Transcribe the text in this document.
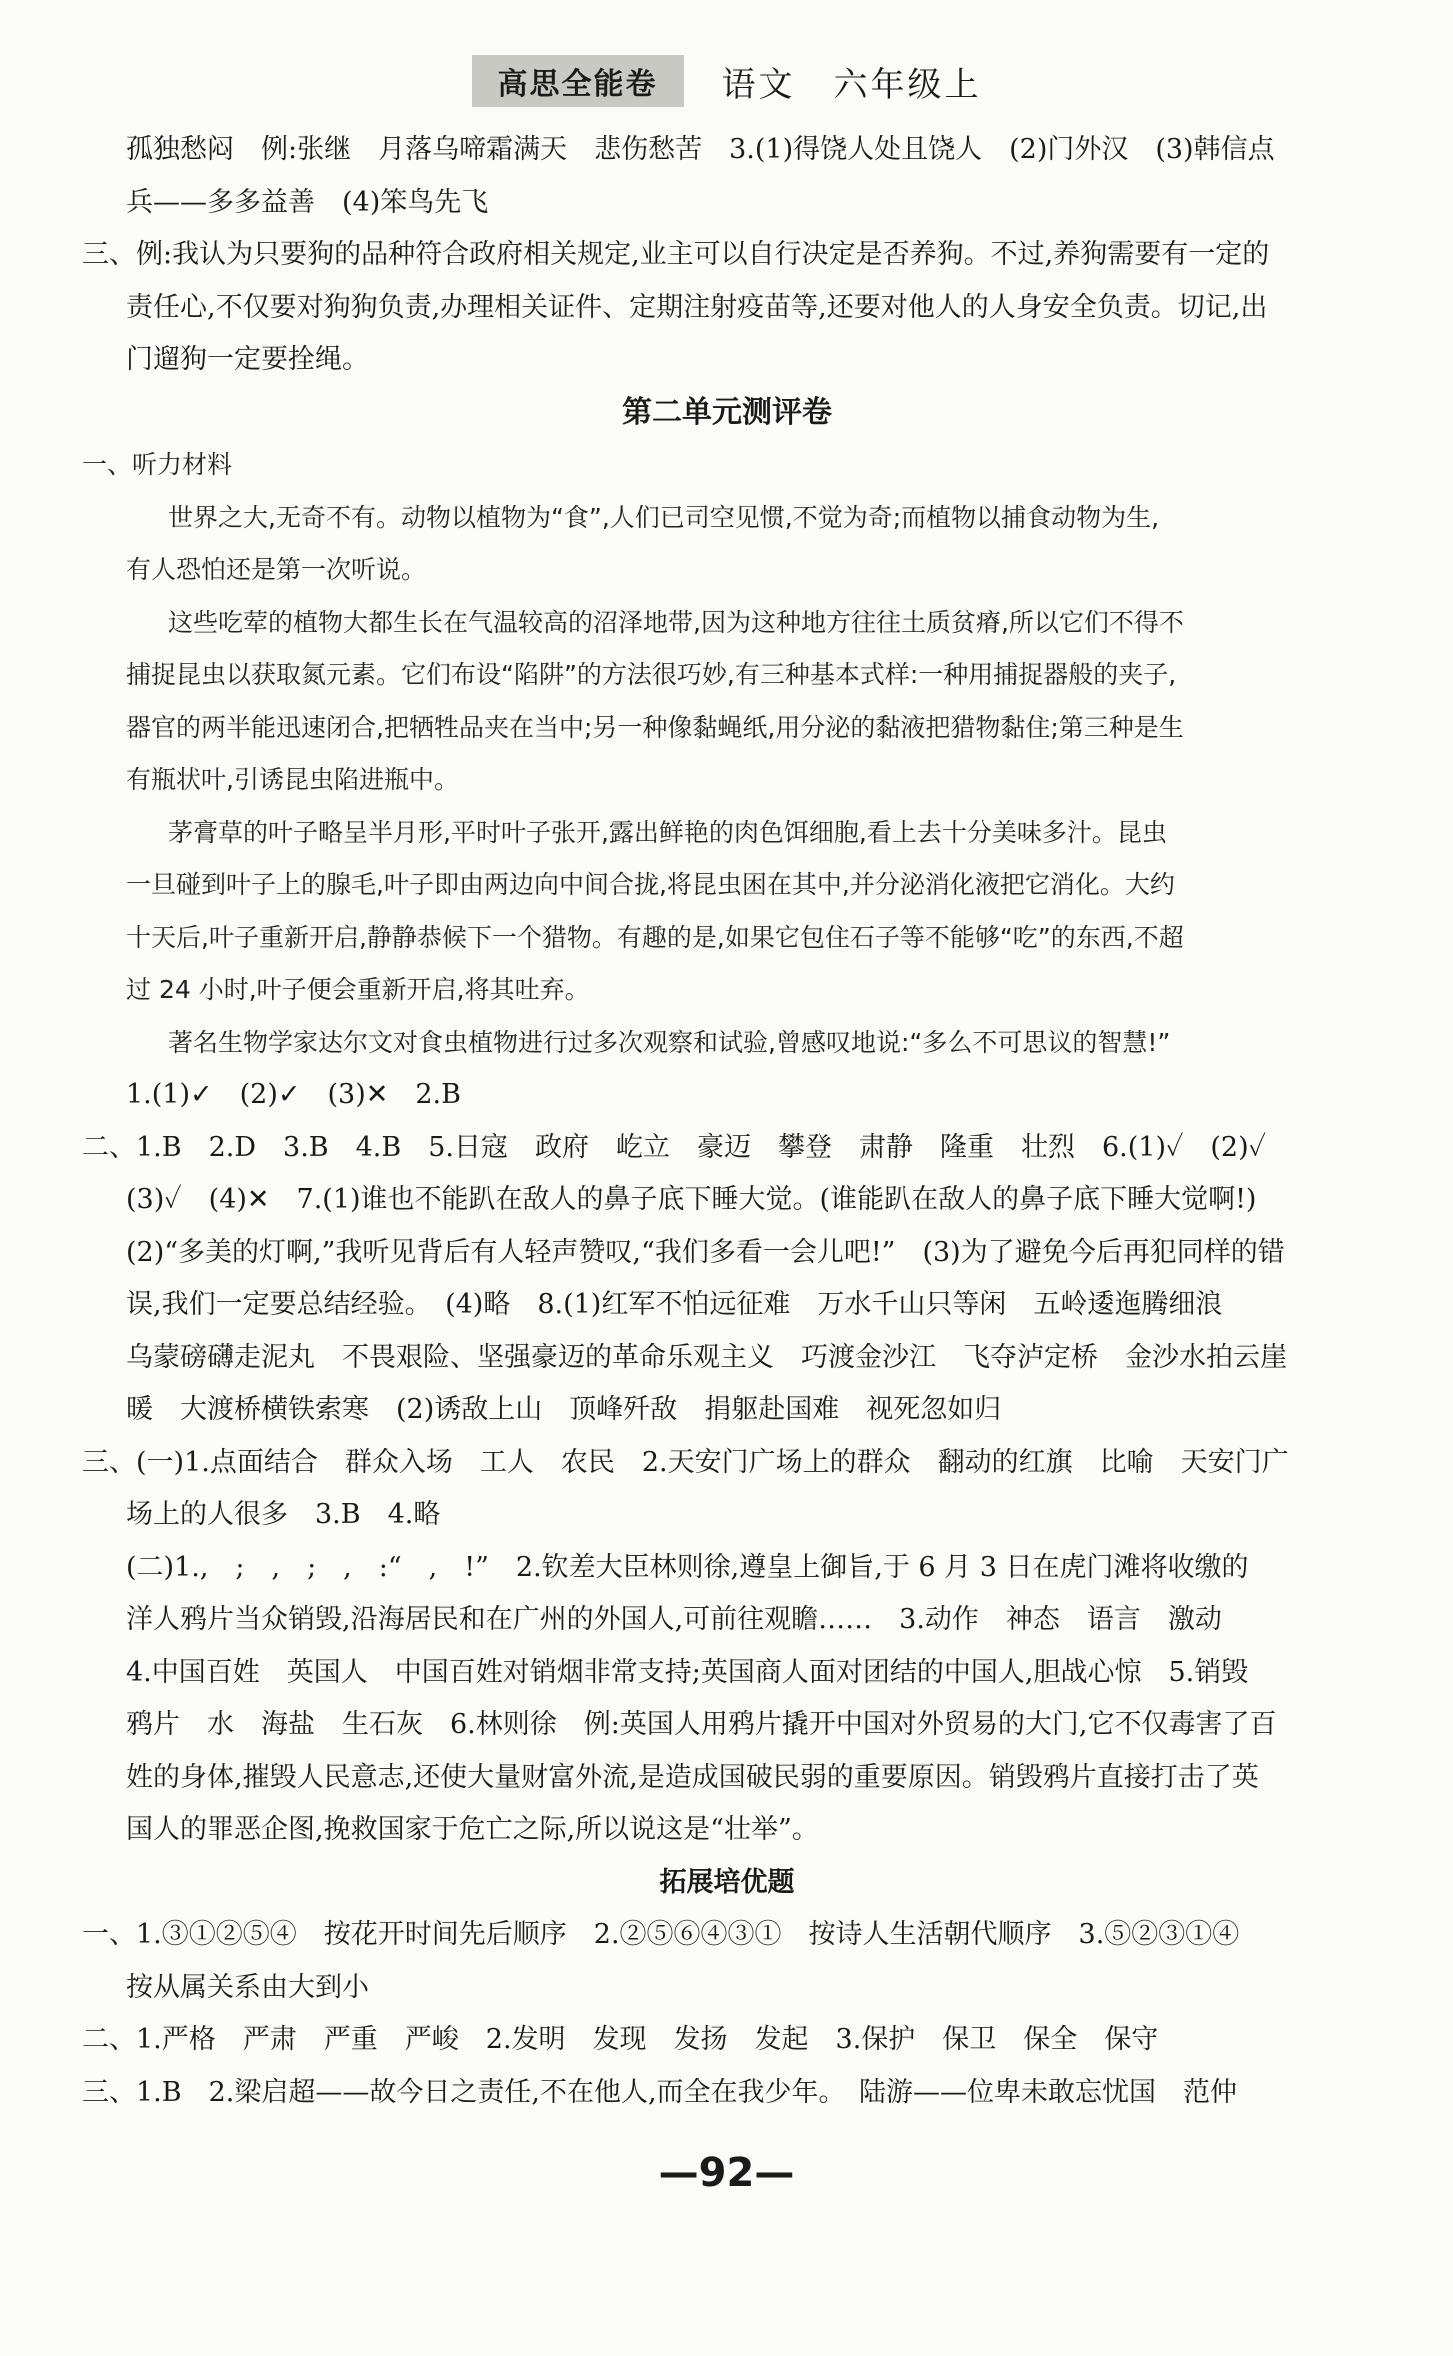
高思全能卷	语文 六年级上
孤独愁闷　例:张继　月落乌啼霜满天　悲伤愁苦　3.(1)得饶人处且饶人　(2)门外汉　(3)韩信点
兵——多多益善　(4)笨鸟先飞
三、例:我认为只要狗的品种符合政府相关规定,业主可以自行决定是否养狗。不过,养狗需要有一定的
责任心,不仅要对狗狗负责,办理相关证件、定期注射疫苗等,还要对他人的人身安全负责。切记,出
门遛狗一定要拴绳。
第二单元测评卷
一、听力材料
世界之大,无奇不有。动物以植物为“食”,人们已司空见惯,不觉为奇;而植物以捕食动物为生,
有人恐怕还是第一次听说。
这些吃荤的植物大都生长在气温较高的沼泽地带,因为这种地方往往土质贫瘠,所以它们不得不
捕捉昆虫以获取氮元素。它们布设“陷阱”的方法很巧妙,有三种基本式样:一种用捕捉器般的夹子,
器官的两半能迅速闭合,把牺牲品夹在当中;另一种像黏蝇纸,用分泌的黏液把猎物黏住;第三种是生
有瓶状叶,引诱昆虫陷进瓶中。
茅膏草的叶子略呈半月形,平时叶子张开,露出鲜艳的肉色饵细胞,看上去十分美味多汁。昆虫
一旦碰到叶子上的腺毛,叶子即由两边向中间合拢,将昆虫困在其中,并分泌消化液把它消化。大约
十天后,叶子重新开启,静静恭候下一个猎物。有趣的是,如果它包住石子等不能够“吃”的东西,不超
过 24 小时,叶子便会重新开启,将其吐弃。
著名生物学家达尔文对食虫植物进行过多次观察和试验,曾感叹地说:“多么不可思议的智慧!”
1.(1)✓　(2)✓　(3)✕　2.B
二、1.B　2.D　3.B　4.B　5.日寇　政府　屹立　豪迈　攀登　肃静　隆重　壮烈　6.(1)✓　(2)✓
(3)✓　(4)✕　7.(1)谁也不能趴在敌人的鼻子底下睡大觉。(谁能趴在敌人的鼻子底下睡大觉啊!)
(2)“多美的灯啊,”我听见背后有人轻声赞叹,“我们多看一会儿吧!”　(3)为了避免今后再犯同样的错
误,我们一定要总结经验。　(4)略　8.(1)红军不怕远征难　万水千山只等闲　五岭逶迤腾细浪
乌蒙磅礴走泥丸　不畏艰险、坚强豪迈的革命乐观主义　巧渡金沙江　飞夺泸定桥　金沙水拍云崖
暖　大渡桥横铁索寒　(2)诱敌上山　顶峰歼敌　捐躯赴国难　视死忽如归
三、(一)1.点面结合　群众入场　工人　农民　2.天安门广场上的群众　翻动的红旗　比喻　天安门广
场上的人很多　3.B　4.略
(二)1.,　;　,　;　,　:“　,　!”　2.钦差大臣林则徐,遵皇上御旨,于 6 月 3 日在虎门滩将收缴的
洋人鸦片当众销毁,沿海居民和在广州的外国人,可前往观瞻……　3.动作　神态　语言　激动
4.中国百姓　英国人　中国百姓对销烟非常支持;英国商人面对团结的中国人,胆战心惊　5.销毁
鸦片　水　海盐　生石灰　6.林则徐　例:英国人用鸦片撬开中国对外贸易的大门,它不仅毒害了百
姓的身体,摧毁人民意志,还使大量财富外流,是造成国破民弱的重要原因。销毁鸦片直接打击了英
国人的罪恶企图,挽救国家于危亡之际,所以说这是“壮举”。
拓展培优题
一、1.③①②⑤④　按花开时间先后顺序　2.②⑤⑥④③①　按诗人生活朝代顺序　3.⑤②③①④
按从属关系由大到小
二、1.严格　严肃　严重　严峻　2.发明　发现　发扬　发起　3.保护　保卫　保全　保守
三、1.B　2.梁启超——故今日之责任,不在他人,而全在我少年。　陆游——位卑未敢忘忧国　范仲
—92—
